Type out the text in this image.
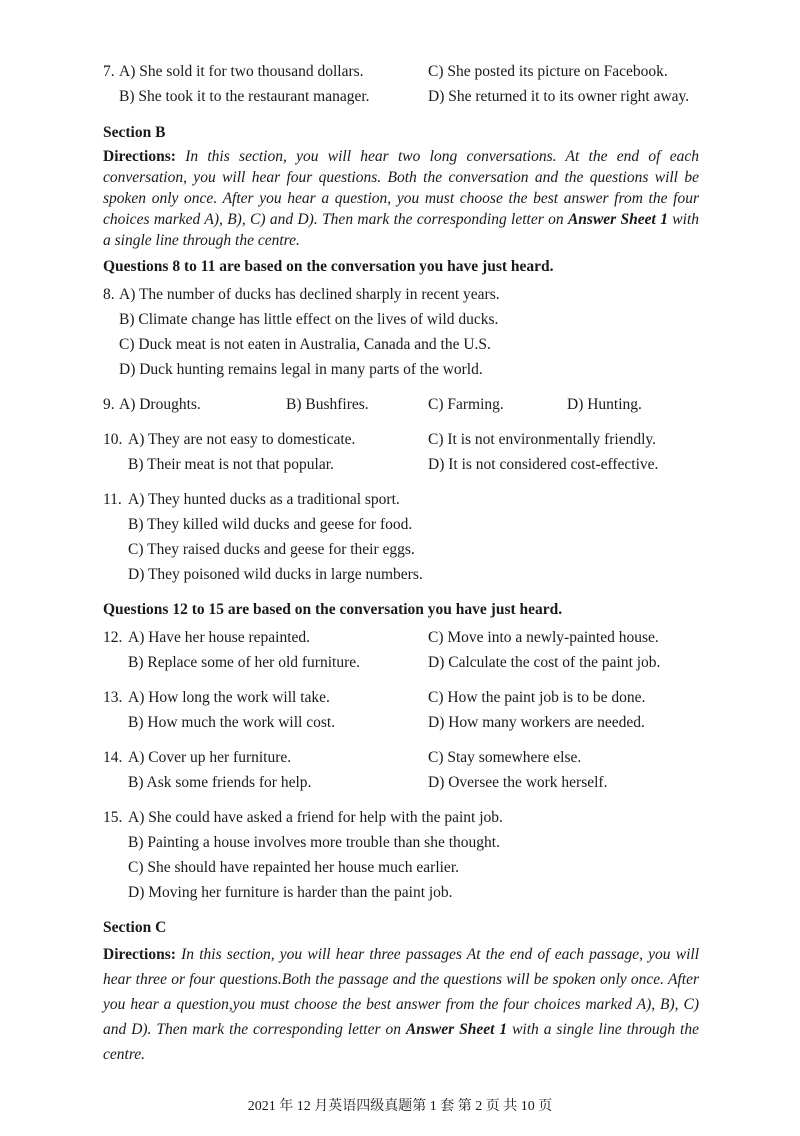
7. A) She sold it for two thousand dollars.	C) She posted its picture on Facebook.
B) She took it to the restaurant manager.	D) She returned it to its owner right away.
Section B
Directions: In this section, you will hear two long conversations. At the end of each conversation, you will hear four questions. Both the conversation and the questions will be spoken only once. After you hear a question, you must choose the best answer from the four choices marked A), B), C) and D). Then mark the corresponding letter on Answer Sheet 1 with a single line through the centre.
Questions 8 to 11 are based on the conversation you have just heard.
8. A) The number of ducks has declined sharply in recent years.
B) Climate change has little effect on the lives of wild ducks.
C) Duck meat is not eaten in Australia, Canada and the U.S.
D) Duck hunting remains legal in many parts of the world.
9. A) Droughts.	B) Bushfires.	C) Farming.	D) Hunting.
10. A) They are not easy to domesticate.	C) It is not environmentally friendly.
B) Their meat is not that popular.	D) It is not considered cost-effective.
11. A) They hunted ducks as a traditional sport.
B) They killed wild ducks and geese for food.
C) They raised ducks and geese for their eggs.
D) They poisoned wild ducks in large numbers.
Questions 12 to 15 are based on the conversation you have just heard.
12. A) Have her house repainted.	C) Move into a newly-painted house.
B) Replace some of her old furniture.	D) Calculate the cost of the paint job.
13. A) How long the work will take.	C) How the paint job is to be done.
B) How much the work will cost.	D) How many workers are needed.
14. A) Cover up her furniture.	C) Stay somewhere else.
B) Ask some friends for help.	D) Oversee the work herself.
15. A) She could have asked a friend for help with the paint job.
B) Painting a house involves more trouble than she thought.
C) She should have repainted her house much earlier.
D) Moving her furniture is harder than the paint job.
Section C
Directions: In this section, you will hear three passages At the end of each passage, you will hear three or four questions.Both the passage and the questions will be spoken only once. After you hear a question,you must choose the best answer from the four choices marked A), B), C) and D). Then mark the corresponding letter on Answer Sheet 1 with a single line through the centre.
2021 年 12 月英语四级真题第 1 套 第 2 页 共 10 页
